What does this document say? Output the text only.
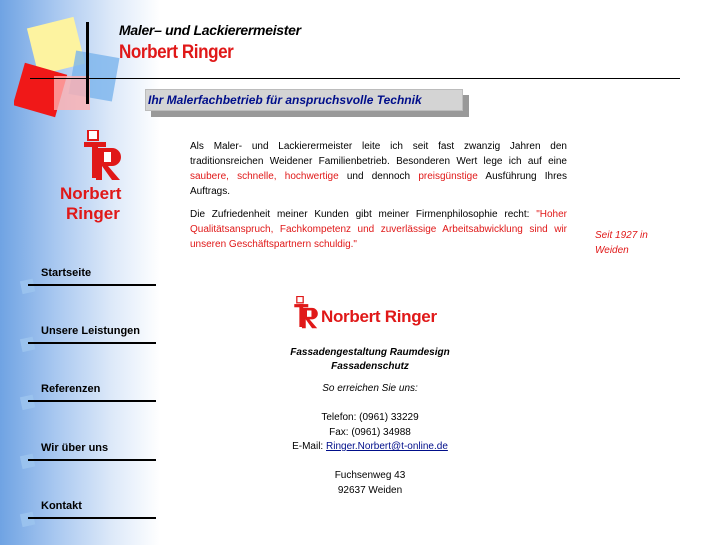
Maler– und Lackierermeister
Norbert Ringer
Ihr Malerfachbetrieb für anspruchsvolle Technik
Norbert
Ringer
Startseite
Unsere Leistungen
Referenzen
Wir über uns
Kontakt

Als Maler- und Lackierermeister leite ich seit fast zwanzig Jahren den traditionsreichen Weidener Familienbetrieb. Besonderen Wert lege ich auf eine saubere, schnelle, hochwertige und dennoch preisgünstige Ausführung Ihres Auftrags.

Die Zufriedenheit meiner Kunden gibt meiner Firmenphilosophie recht: "Hoher Qualitätsanspruch, Fachkompetenz und zuverlässige Arbeitsabwicklung sind wir unseren Geschäftspartnern schuldig."

Seit 1927 in
Weiden
Norbert Ringer
Fassadengestaltung Raumdesign
Fassadenschutz
So erreichen Sie uns:
Telefon: (0961) 33229
Fax: (0961) 34988
E-Mail: Ringer.Norbert@t-online.de
Fuchsenweg 43
92637 Weiden
